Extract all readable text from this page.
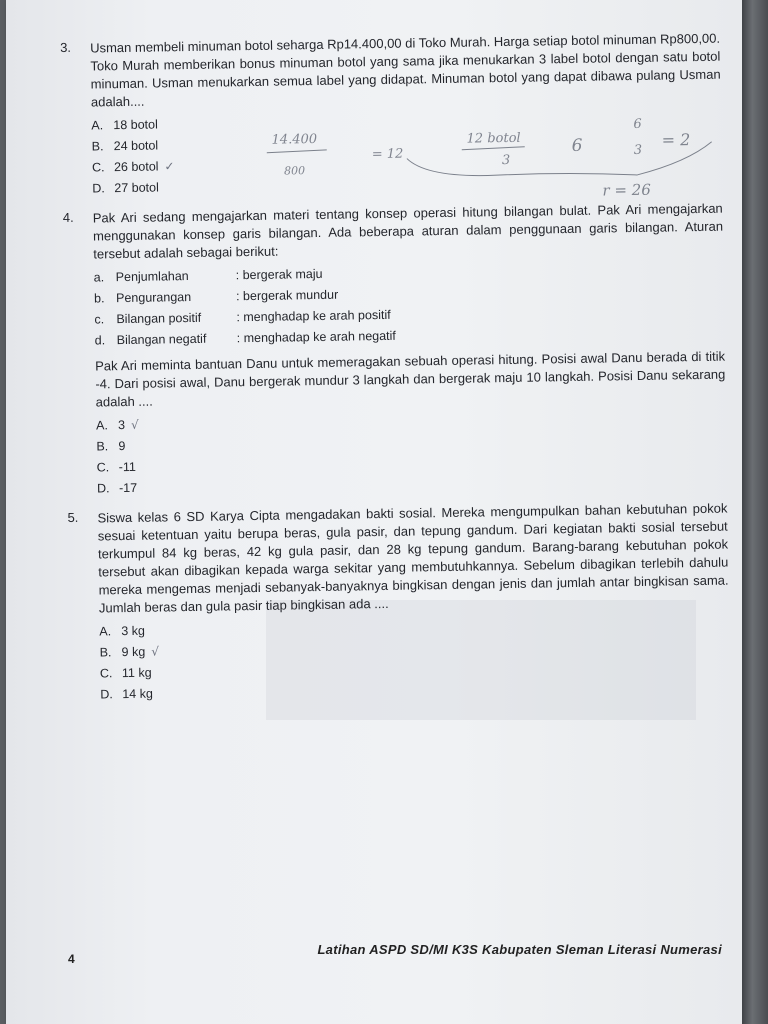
3. Usman membeli minuman botol seharga Rp14.400,00 di Toko Murah. Harga setiap botol minuman Rp800,00. Toko Murah memberikan bonus minuman botol yang sama jika menukarkan 3 label botol dengan satu botol minuman. Usman menukarkan semua label yang didapat. Minuman botol yang dapat dibawa pulang Usman adalah....
A. 18 botol
B. 24 botol
C. 26 botol ✓
D. 27 botol
14.400
800
= 12
12 botol
3
6
6
3
= 2
r = 26
4. Pak Ari sedang mengajarkan materi tentang konsep operasi hitung bilangan bulat. Pak Ari mengajarkan menggunakan konsep garis bilangan. Ada beberapa aturan dalam penggunaan garis bilangan. Aturan tersebut adalah sebagai berikut:
a. Penjumlahan	: bergerak maju
b. Pengurangan	: bergerak mundur
c. Bilangan positif	: menghadap ke arah positif
d. Bilangan negatif	: menghadap ke arah negatif
Pak Ari meminta bantuan Danu untuk memeragakan sebuah operasi hitung. Posisi awal Danu berada di titik -4. Dari posisi awal, Danu bergerak mundur 3 langkah dan bergerak maju 10 langkah. Posisi Danu sekarang adalah ....
A. 3 √
B. 9
C. -11
D. -17
5. Siswa kelas 6 SD Karya Cipta mengadakan bakti sosial. Mereka mengumpulkan bahan kebutuhan pokok sesuai ketentuan yaitu berupa beras, gula pasir, dan tepung gandum. Dari kegiatan bakti sosial tersebut terkumpul 84 kg beras, 42 kg gula pasir, dan 28 kg tepung gandum. Barang-barang kebutuhan pokok tersebut akan dibagikan kepada warga sekitar yang membutuhkannya. Sebelum dibagikan terlebih dahulu mereka mengemas menjadi sebanyak-banyaknya bingkisan dengan jenis dan jumlah antar bingkisan sama. Jumlah beras dan gula pasir tiap bingkisan ada ....
A. 3 kg
B. 9 kg √
C. 11 kg
D. 14 kg
4
Latihan ASPD SD/MI K3S Kabupaten Sleman Literasi Numerasi
